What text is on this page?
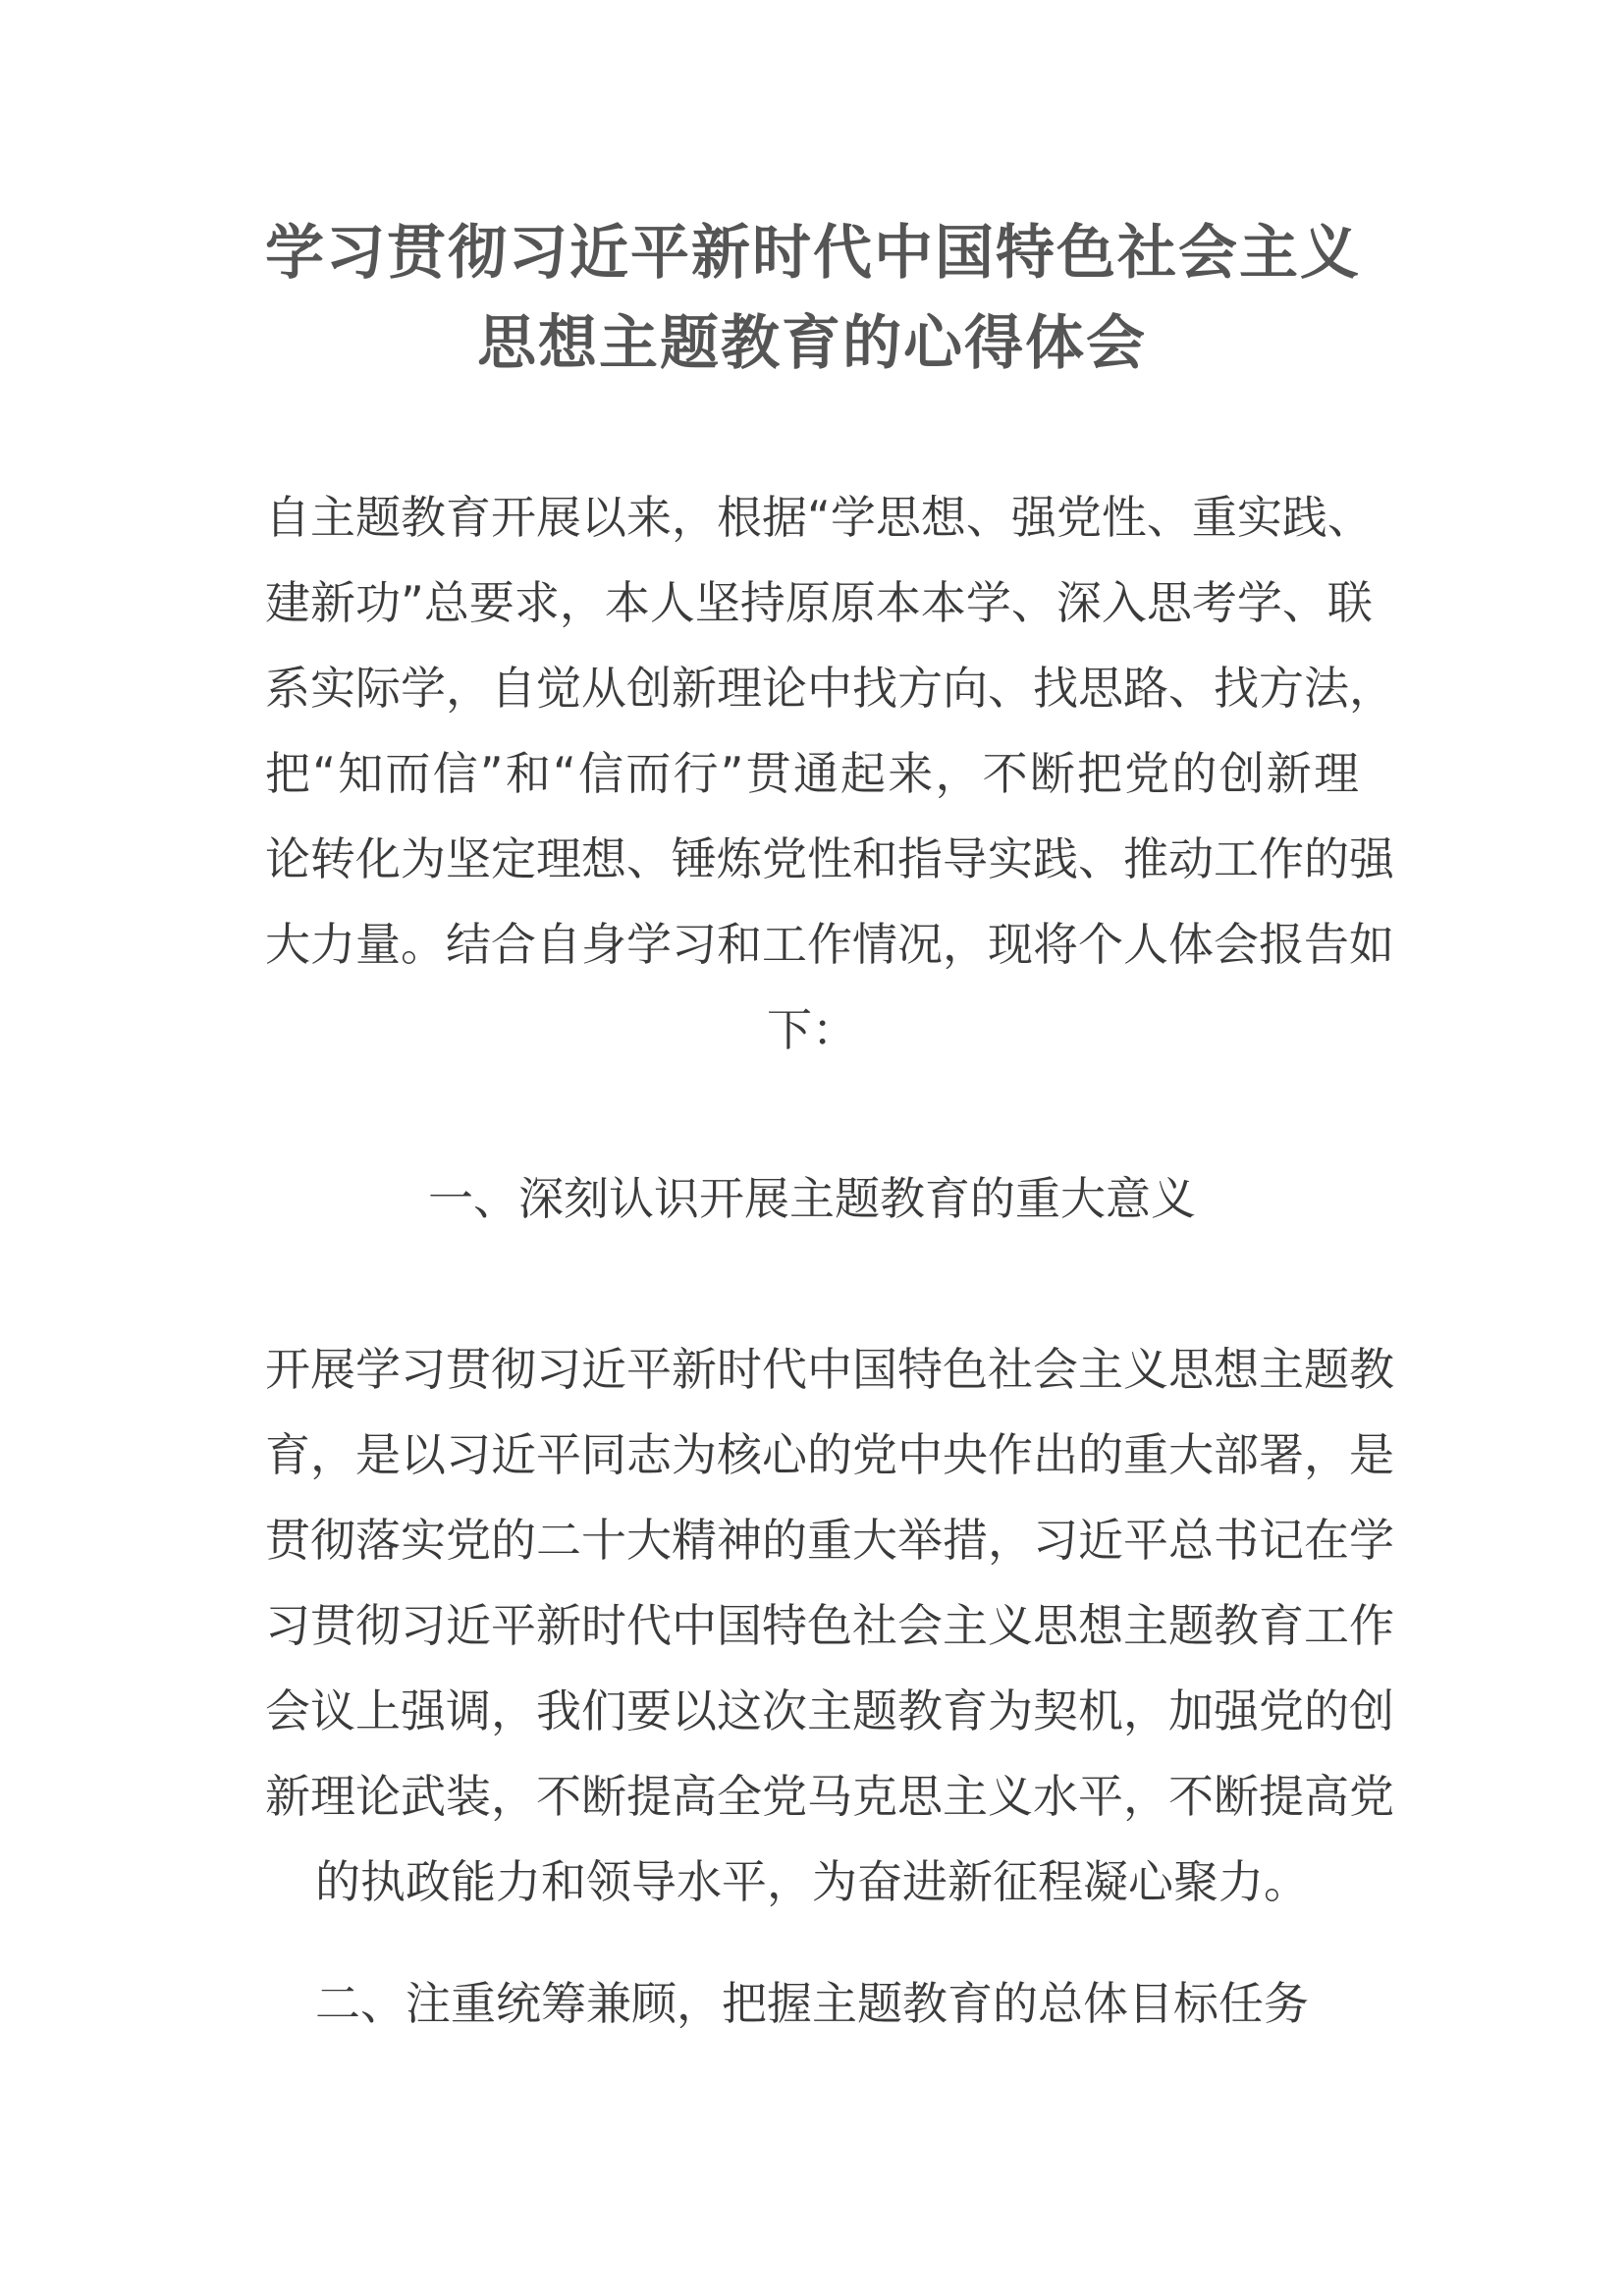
学习贯彻习近平新时代中国特色社会主义
思想主题教育的心得体会
自主题教育开展以来，根据“学思想、强党性、重实践、
建新功”总要求，本人坚持原原本本学、深入思考学、联
系实际学，自觉从创新理论中找方向、找思路、找方法，
把“知而信”和“信而行”贯通起来，不断把党的创新理
论转化为坚定理想、锤炼党性和指导实践、推动工作的强
大力量。结合自身学习和工作情况，现将个人体会报告如
下：
一、深刻认识开展主题教育的重大意义
开展学习贯彻习近平新时代中国特色社会主义思想主题教
育，是以习近平同志为核心的党中央作出的重大部署，是
贯彻落实党的二十大精神的重大举措，习近平总书记在学
习贯彻习近平新时代中国特色社会主义思想主题教育工作
会议上强调，我们要以这次主题教育为契机，加强党的创
新理论武装，不断提高全党马克思主义水平，不断提高党
的执政能力和领导水平，为奋进新征程凝心聚力。
二、注重统筹兼顾，把握主题教育的总体目标任务
